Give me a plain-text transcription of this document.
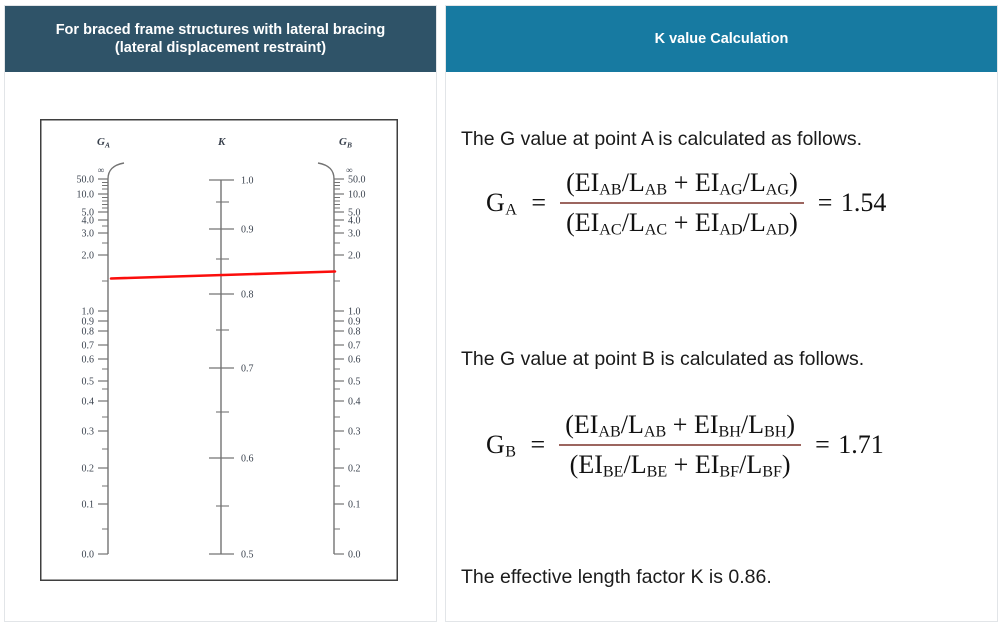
For braced frame structures with lateral bracing
(lateral displacement restraint)
$G_A$	K	$G_B$
∞
50.0
10.0
5.0
4.0
3.0
2.0
1.0
0.9
0.8
0.7
0.6
0.5
0.4
0.3
0.2
0.1
0.0
∞
50.0
10.0
5.0
4.0
3.0
2.0
1.0
0.9
0.8
0.7
0.6
0.5
0.4
0.3
0.2
0.1
0.0
1.0
0.9
0.8
0.7
0.6
0.5
K value Calculation
The G value at point A is calculated as follows.
$G_A = \frac{(EI_{AB}/L_{AB} + EI_{AG}/L_{AG})}{(EI_{AC}/L_{AC} + EI_{AD}/L_{AD})} = 1.54$
The G value at point B is calculated as follows.
$G_B = \frac{(EI_{AB}/L_{AB} + EI_{BH}/L_{BH})}{(EI_{BE}/L_{BE} + EI_{BF}/L_{BF})} = 1.71$
The effective length factor K is 0.86.
